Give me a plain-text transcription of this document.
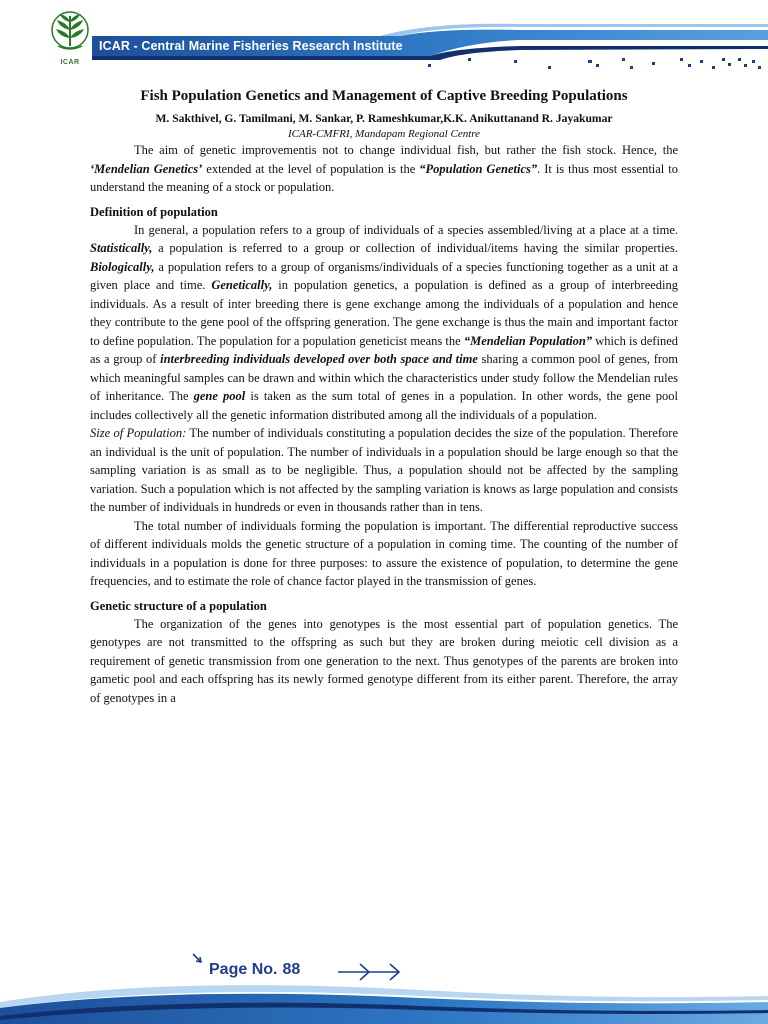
ICAR
ICAR - Central Marine Fisheries Research Institute
Fish Population Genetics and Management of Captive Breeding Populations

M. Sakthivel, G. Tamilmani, M. Sankar, P. Rameshkumar,K.K. Anikuttanand R. Jayakumar

ICAR-CMFRI, Mandapam Regional Centre

The aim of genetic improvementis not to change individual fish, but rather the fish stock. Hence, the ‘Mendelian Genetics’ extended at the level of population is the “Population Genetics”. It is thus most essential to understand the meaning of a stock or population.

Definition of population

In general, a population refers to a group of individuals of a species assembled/living at a place at a time. Statistically, a population is referred to a group or collection of individual/items having the similar properties. Biologically, a population refers to a group of organisms/individuals of a species functioning together as a unit at a given place and time. Genetically, in population genetics, a population is defined as a group of interbreeding individuals. As a result of inter breeding there is gene exchange among the individuals of a population and hence they contribute to the gene pool of the offspring generation. The gene exchange is thus the main and important factor to define population. The population for a population geneticist means the “Mendelian Population” which is defined as a group of interbreeding individuals developed over both space and time sharing a common pool of genes, from which meaningful samples can be drawn and within which the characteristics under study follow the Mendelian rules of inheritance. The gene pool is taken as the sum total of genes in a population. In other words, the gene pool includes collectively all the genetic information distributed among all the individuals of a population.

Size of Population: The number of individuals constituting a population decides the size of the population. Therefore an individual is the unit of population. The number of individuals in a population should be large enough so that the sampling variation is as small as to be negligible. Thus, a population should not be affected by the sampling variation. Such a population which is not affected by the sampling variation is knows as large population and consists the number of individuals in hundreds or even in thousands rather than in tens.

The total number of individuals forming the population is important. The differential reproductive success of different individuals molds the genetic structure of a population in coming time. The counting of the number of individuals in a population is done for three purposes: to assure the existence of population, to determine the gene frequencies, and to estimate the role of chance factor played in the transmission of genes.

Genetic structure of a population

The organization of the genes into genotypes is the most essential part of population genetics. The genotypes are not transmitted to the offspring as such but they are broken during meiotic cell division as a requirement of genetic transmission from one generation to the next. Thus genotypes of the parents are broken into gametic pool and each offspring has its newly formed genotype different from its either parent. Therefore, the array of genotypes in a

Page No. 88
